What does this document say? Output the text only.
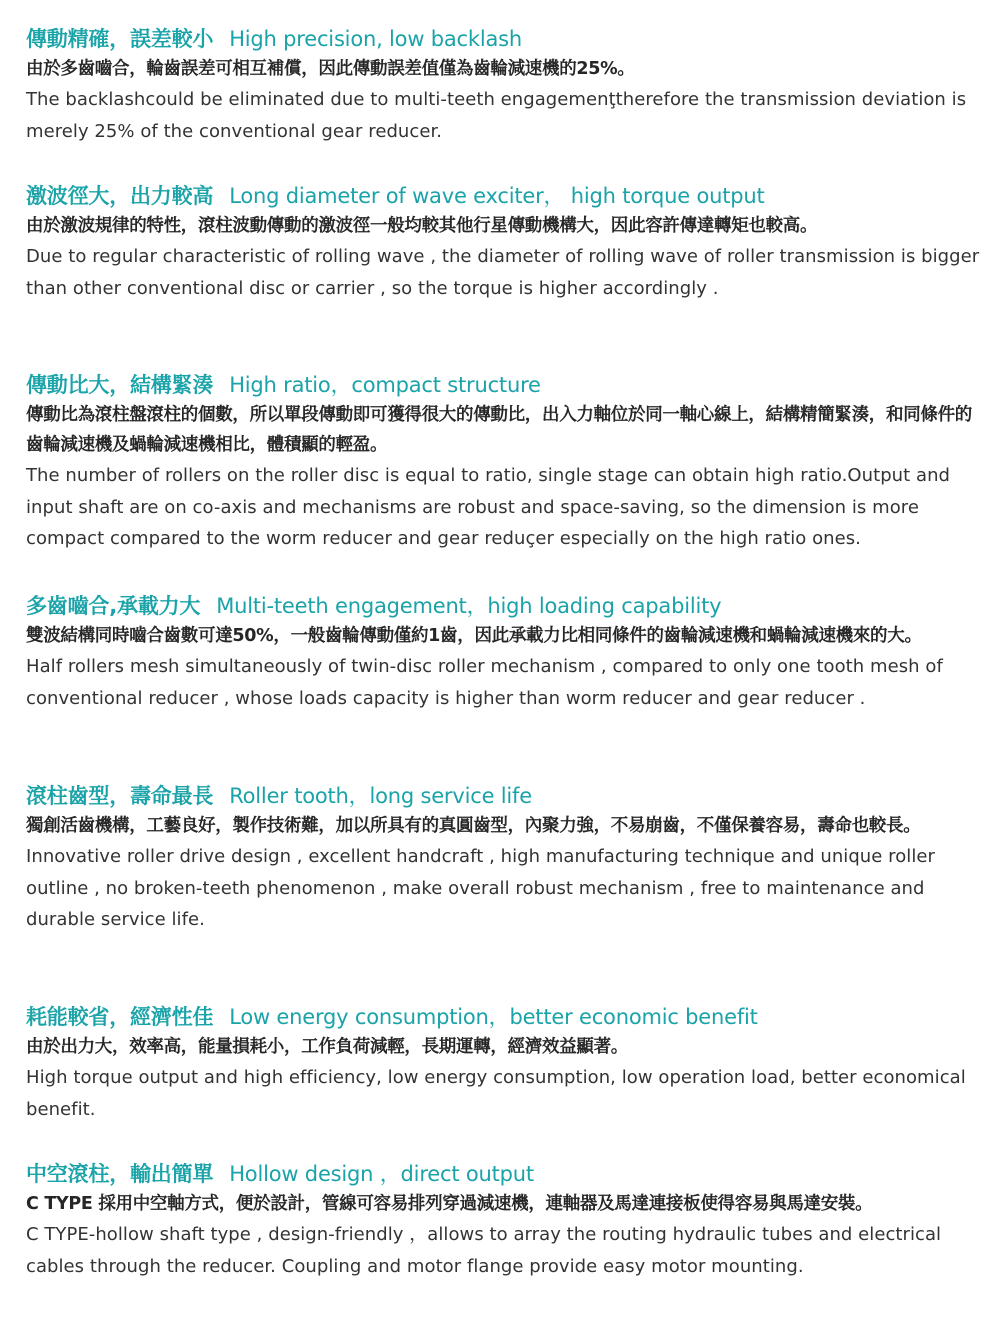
傳動精確，誤差較小 High precision, low backlash
由於多齒嚙合，輪齒誤差可相互補償，因此傳動誤差值僅為齒輪減速機的25%。
The backlashcould be eliminated due to multi-teeth engagemenţtherefore the transmission deviation is merely 25% of the conventional gear reducer.
激波徑大，出力較高 Long diameter of wave exciter， high torque output
由於激波規律的特性，滾柱波動傳動的激波徑一般均較其他行星傳動機構大，因此容許傳達轉矩也較高。
Due to regular characteristic of rolling wave , the diameter of rolling wave of roller transmission is bigger than other conventional disc or carrier , so the torque is higher accordingly .
傳動比大，結構緊湊 High ratio，compact structure
傳動比為滾柱盤滾柱的個數，所以單段傳動即可獲得很大的傳動比，出入力軸位於同一軸心線上，結構精簡緊湊，和同條件的齒輪減速機及蝸輪減速機相比，體積顯的輕盈。
The number of rollers on the roller disc is equal to ratio, single stage can obtain high ratio.Output and input shaft are on co-axis and mechanisms are robust and space-saving, so the dimension is more compact compared to the worm reducer and gear reduçer especially on the high ratio ones.
多齒嚙合,承載力大 Multi-teeth engagement，high loading capability
雙波結構同時嚙合齒數可達50%，一般齒輪傳動僅約1齒，因此承載力比相同條件的齒輪減速機和蝸輪減速機來的大。
Half rollers mesh simultaneously of twin-disc roller mechanism , compared to only one tooth mesh of conventional reducer , whose loads capacity is higher than worm reducer and gear reducer .
滾柱齒型，壽命最長 Roller tooth，long service life
獨創活齒機構，工藝良好，製作技術難，加以所具有的真圓齒型，內聚力強，不易崩齒，不僅保養容易，壽命也較長。
Innovative roller drive design , excellent handcraft , high manufacturing technique and unique roller outline , no broken-teeth phenomenon , make overall robust mechanism , free to maintenance and durable service life.
耗能較省，經濟性佳 Low energy consumption，better economic benefit
由於出力大，效率高，能量損耗小，工作負荷減輕，長期運轉，經濟效益顯著。
High torque output and high efficiency, low energy consumption, low operation load, better economical benefit.
中空滾柱，輸出簡單 Hollow design ，direct output
C TYPE 採用中空軸方式，便於設計，管線可容易排列穿過減速機，連軸器及馬達連接板使得容易與馬達安裝。
C TYPE-hollow shaft type , design-friendly ，allows to array the routing hydraulic tubes and electrical cables through the reducer. Coupling and motor flange provide easy motor mounting.
